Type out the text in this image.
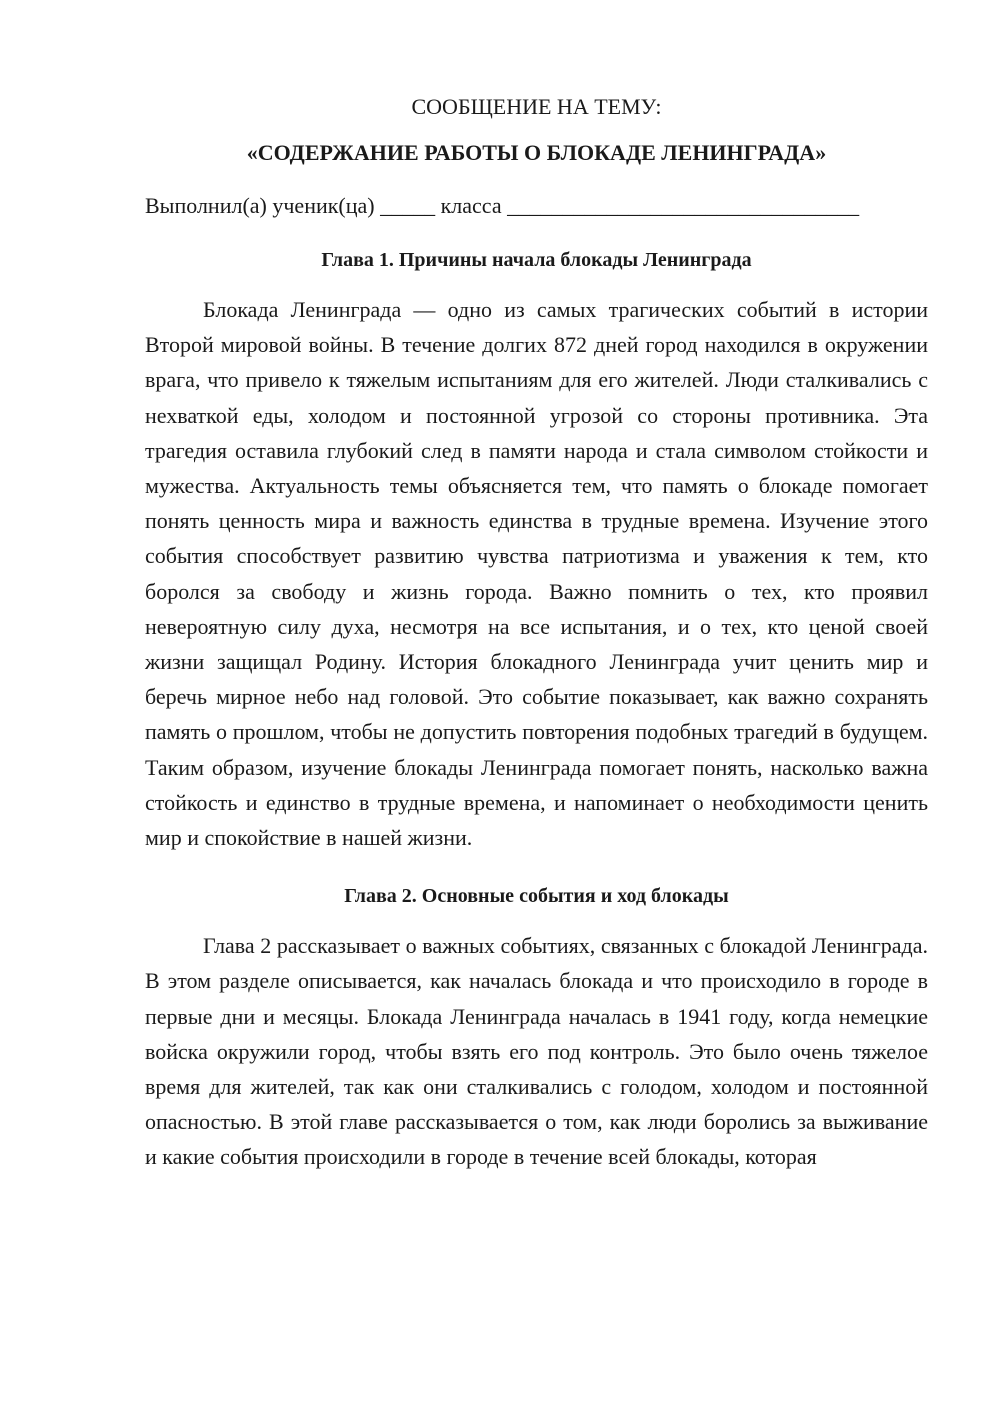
СООБЩЕНИЕ НА ТЕМУ:

«СОДЕРЖАНИЕ РАБОТЫ О БЛОКАДЕ ЛЕНИНГРАДА»

Выполнил(а) ученик(ца) _____ класса ________________________________
Глава 1. Причины начала блокады Ленинграда

Блокада Ленинграда — одно из самых трагических событий в истории Второй мировой войны. В течение долгих 872 дней город находился в окружении врага, что привело к тяжелым испытаниям для его жителей. Люди сталкивались с нехваткой еды, холодом и постоянной угрозой со стороны противника. Эта трагедия оставила глубокий след в памяти народа и стала символом стойкости и мужества. Актуальность темы объясняется тем, что память о блокаде помогает понять ценность мира и важность единства в трудные времена. Изучение этого события способствует развитию чувства патриотизма и уважения к тем, кто боролся за свободу и жизнь города. Важно помнить о тех, кто проявил невероятную силу духа, несмотря на все испытания, и о тех, кто ценой своей жизни защищал Родину. История блокадного Ленинграда учит ценить мир и беречь мирное небо над головой. Это событие показывает, как важно сохранять память о прошлом, чтобы не допустить повторения подобных трагедий в будущем. Таким образом, изучение блокады Ленинграда помогает понять, насколько важна стойкость и единство в трудные времена, и напоминает о необходимости ценить мир и спокойствие в нашей жизни.

Глава 2. Основные события и ход блокады

Глава 2 рассказывает о важных событиях, связанных с блокадой Ленинграда. В этом разделе описывается, как началась блокада и что происходило в городе в первые дни и месяцы. Блокада Ленинграда началась в 1941 году, когда немецкие войска окружили город, чтобы взять его под контроль. Это было очень тяжелое время для жителей, так как они сталкивались с голодом, холодом и постоянной опасностью. В этой главе рассказывается о том, как люди боролись за выживание и какие события происходили в городе в течение всей блокады, которая
